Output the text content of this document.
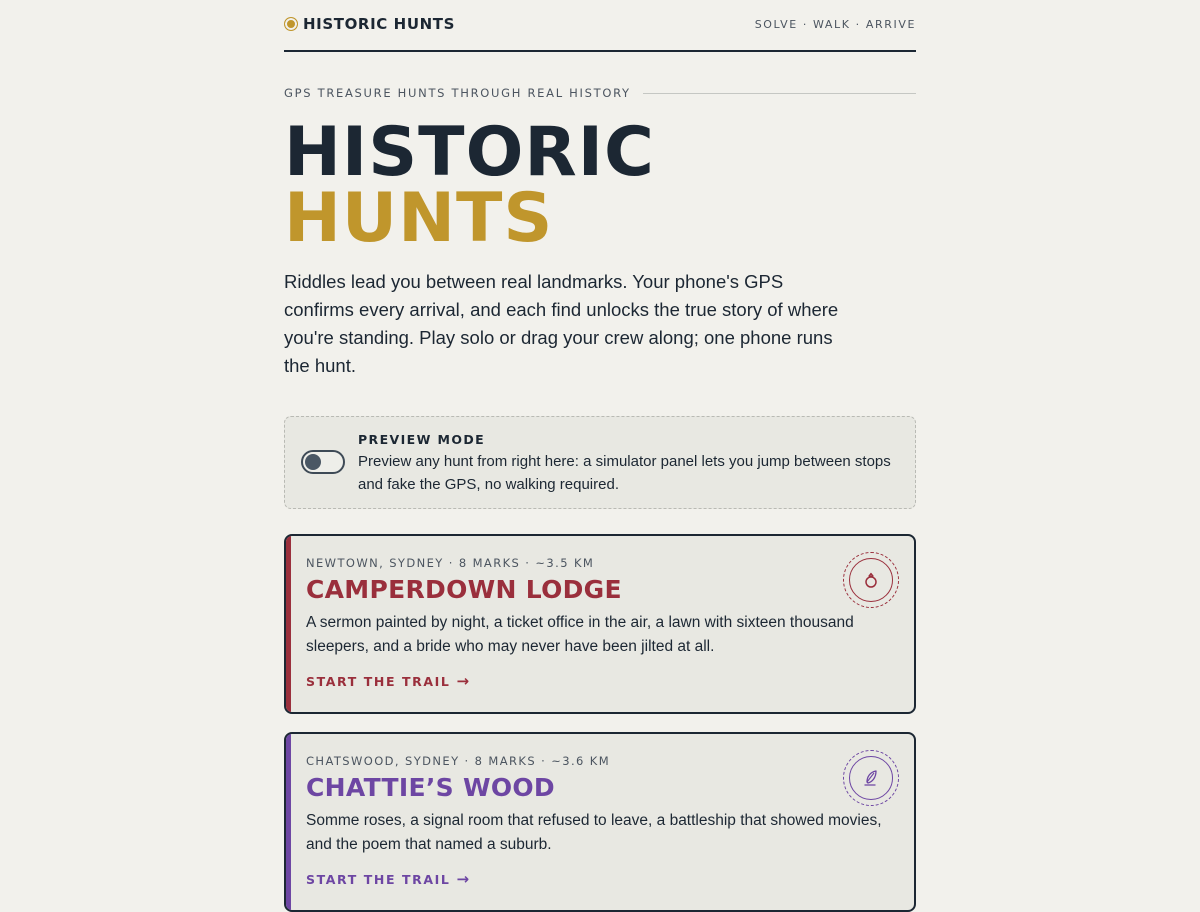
HISTORIC HUNTS	SOLVE · WALK · ARRIVE
GPS TREASURE HUNTS THROUGH REAL HISTORY
HISTORIC
HUNTS

Riddles lead you between real landmarks. Your phone's GPS confirms every arrival, and each find unlocks the true story of where you're standing. Play solo or drag your crew along; one phone runs the hunt.

PREVIEW MODE
Preview any hunt from right here: a simulator panel lets you jump between stops and fake the GPS, no walking required.
NEWTOWN, SYDNEY · 8 MARKS · ~3.5 KM
CAMPERDOWN LODGE
A sermon painted by night, a ticket office in the air, a lawn with sixteen thousand sleepers, and a bride who may never have been jilted at all.
START THE TRAIL →
CHATSWOOD, SYDNEY · 8 MARKS · ~3.6 KM
CHATTIE’S WOOD
Somme roses, a signal room that refused to leave, a battleship that showed movies, and the poem that named a suburb.
START THE TRAIL →
